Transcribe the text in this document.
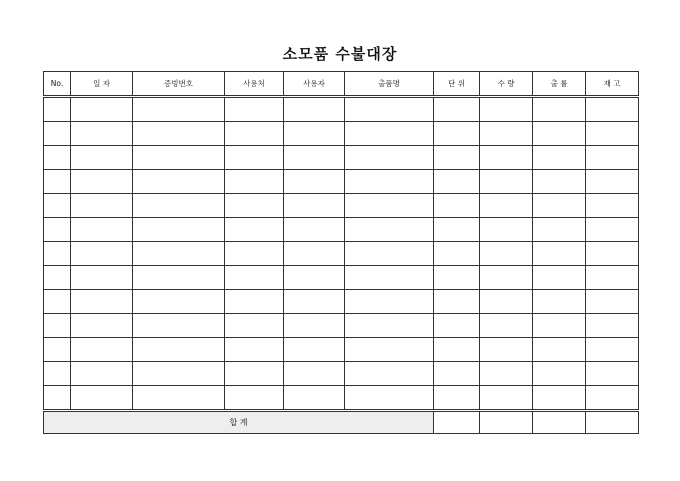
소모품 수불대장
No.	일 자	증빙번호	사용처	사용자	출품명	단 위	수 량	출 률	재 고

합 계									
